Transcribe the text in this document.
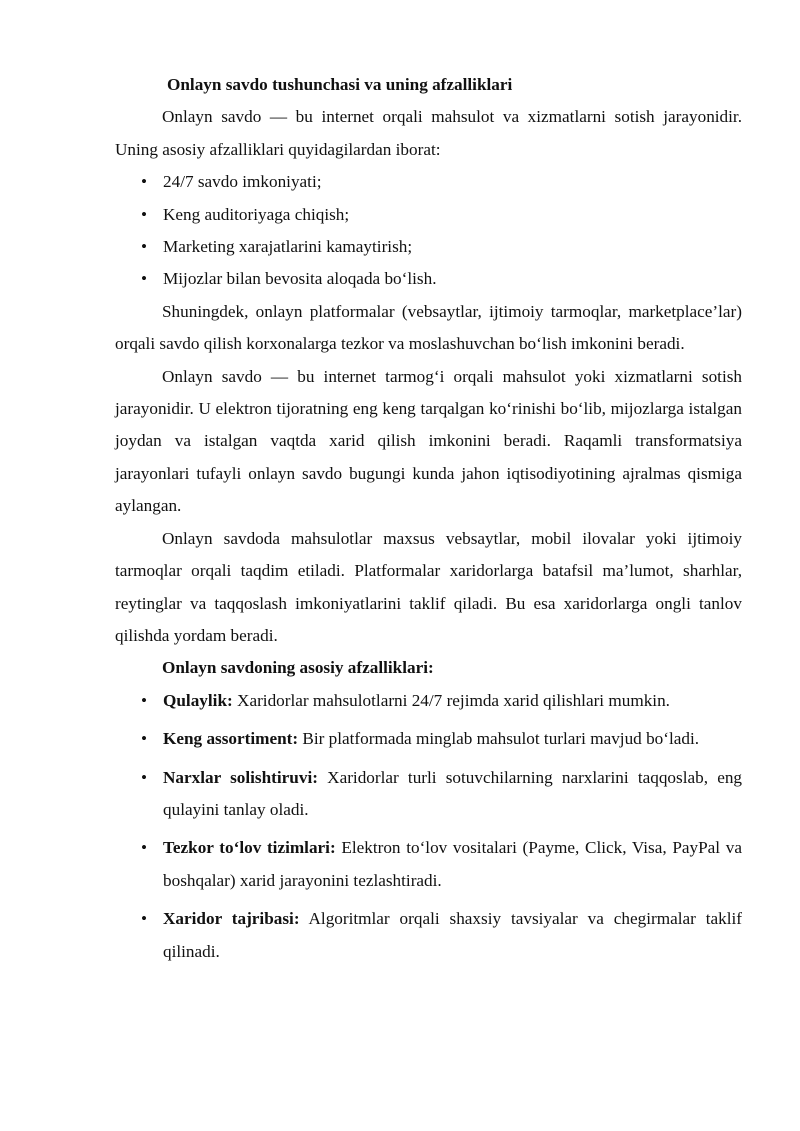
Onlayn savdo tushunchasi va uning afzalliklari

Onlayn savdo — bu internet orqali mahsulot va xizmatlarni sotish jarayonidir. Uning asosiy afzalliklari quyidagilardan iborat:

• 24/7 savdo imkoniyati;
• Keng auditoriyaga chiqish;
• Marketing xarajatlarini kamaytirish;
• Mijozlar bilan bevosita aloqada bo‘lish.

Shuningdek, onlayn platformalar (vebsaytlar, ijtimoiy tarmoqlar, marketplace’lar) orqali savdo qilish korxonalarga tezkor va moslashuvchan bo‘lish imkonini beradi.

Onlayn savdo — bu internet tarmog‘i orqali mahsulot yoki xizmatlarni sotish jarayonidir. U elektron tijoratning eng keng tarqalgan ko‘rinishi bo‘lib, mijozlarga istalgan joydan va istalgan vaqtda xarid qilish imkonini beradi. Raqamli transformatsiya jarayonlari tufayli onlayn savdo bugungi kunda jahon iqtisodiyotining ajralmas qismiga aylangan.

Onlayn savdoda mahsulotlar maxsus vebsaytlar, mobil ilovalar yoki ijtimoiy tarmoqlar orqali taqdim etiladi. Platformalar xaridorlarga batafsil ma’lumot, sharhlar, reytinglar va taqqoslash imkoniyatlarini taklif qiladi. Bu esa xaridorlarga ongli tanlov qilishda yordam beradi.

Onlayn savdoning asosiy afzalliklari:

• Qulaylik: Xaridorlar mahsulotlarni 24/7 rejimda xarid qilishlari mumkin.
• Keng assortiment: Bir platformada minglab mahsulot turlari mavjud bo‘ladi.
• Narxlar solishtiruvi: Xaridorlar turli sotuvchilarning narxlarini taqqoslab, eng qulayini tanlay oladi.
• Tezkor to‘lov tizimlari: Elektron to‘lov vositalari (Payme, Click, Visa, PayPal va boshqalar) xarid jarayonini tezlashtiradi.
• Xaridor tajribasi: Algoritmlar orqali shaxsiy tavsiyalar va chegirmalar taklif qilinadi.
